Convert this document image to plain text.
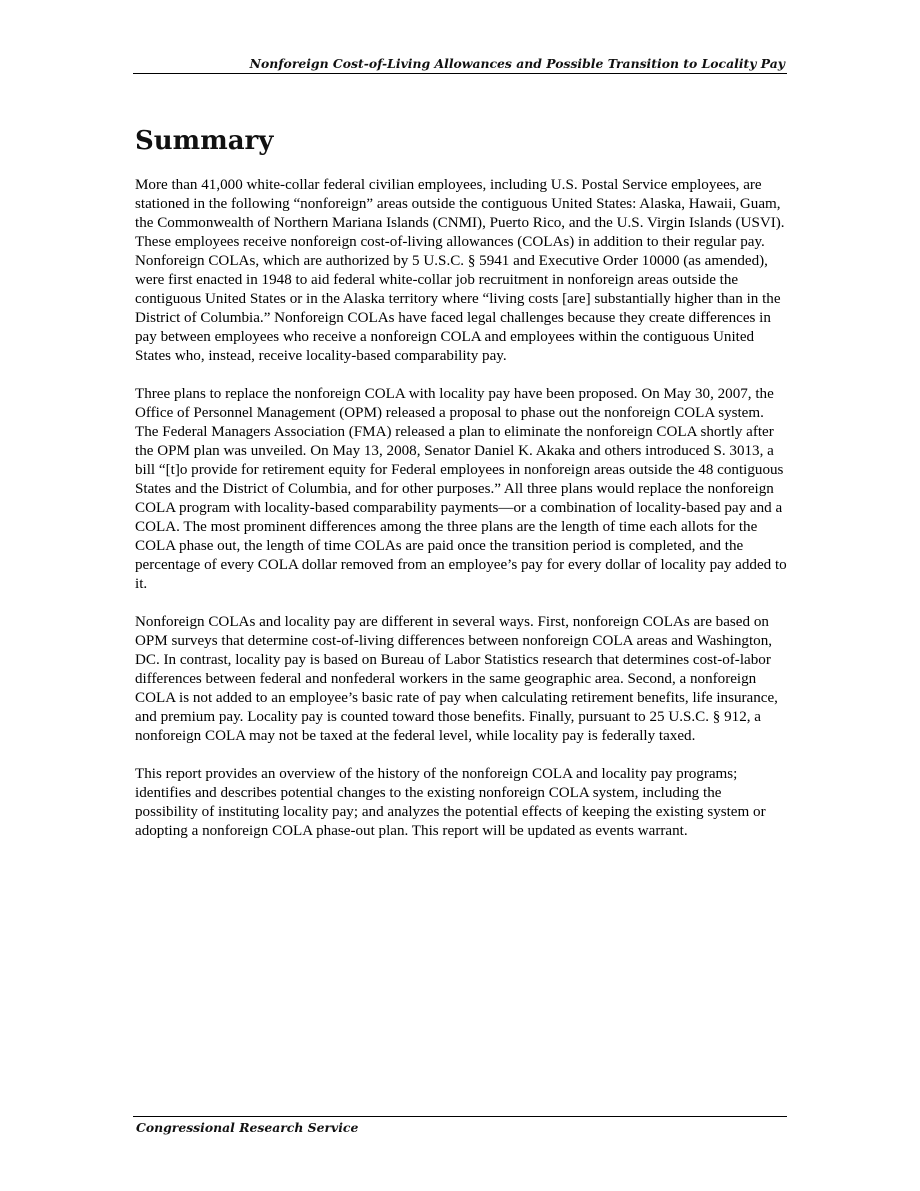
Nonforeign Cost-of-Living Allowances and Possible Transition to Locality Pay
Summary

More than 41,000 white-collar federal civilian employees, including U.S. Postal Service employees, are stationed in the following “nonforeign” areas outside the contiguous United States: Alaska, Hawaii, Guam, the Commonwealth of Northern Mariana Islands (CNMI), Puerto Rico, and the U.S. Virgin Islands (USVI). These employees receive nonforeign cost-of-living allowances (COLAs) in addition to their regular pay. Nonforeign COLAs, which are authorized by 5 U.S.C. § 5941 and Executive Order 10000 (as amended), were first enacted in 1948 to aid federal white-collar job recruitment in nonforeign areas outside the contiguous United States or in the Alaska territory where “living costs [are] substantially higher than in the District of Columbia.” Nonforeign COLAs have faced legal challenges because they create differences in pay between employees who receive a nonforeign COLA and employees within the contiguous United States who, instead, receive locality-based comparability pay.

Three plans to replace the nonforeign COLA with locality pay have been proposed. On May 30, 2007, the Office of Personnel Management (OPM) released a proposal to phase out the nonforeign COLA system. The Federal Managers Association (FMA) released a plan to eliminate the nonforeign COLA shortly after the OPM plan was unveiled. On May 13, 2008, Senator Daniel K. Akaka and others introduced S. 3013, a bill “[t]o provide for retirement equity for Federal employees in nonforeign areas outside the 48 contiguous States and the District of Columbia, and for other purposes.” All three plans would replace the nonforeign COLA program with locality-based comparability payments—or a combination of locality-based pay and a COLA. The most prominent differences among the three plans are the length of time each allots for the COLA phase out, the length of time COLAs are paid once the transition period is completed, and the percentage of every COLA dollar removed from an employee’s pay for every dollar of locality pay added to it.

Nonforeign COLAs and locality pay are different in several ways. First, nonforeign COLAs are based on OPM surveys that determine cost-of-living differences between nonforeign COLA areas and Washington, DC. In contrast, locality pay is based on Bureau of Labor Statistics research that determines cost-of-labor differences between federal and nonfederal workers in the same geographic area. Second, a nonforeign COLA is not added to an employee’s basic rate of pay when calculating retirement benefits, life insurance, and premium pay. Locality pay is counted toward those benefits. Finally, pursuant to 25 U.S.C. § 912, a nonforeign COLA may not be taxed at the federal level, while locality pay is federally taxed.

This report provides an overview of the history of the nonforeign COLA and locality pay programs; identifies and describes potential changes to the existing nonforeign COLA system, including the possibility of instituting locality pay; and analyzes the potential effects of keeping the existing system or adopting a nonforeign COLA phase-out plan. This report will be updated as events warrant.

Congressional Research Service
